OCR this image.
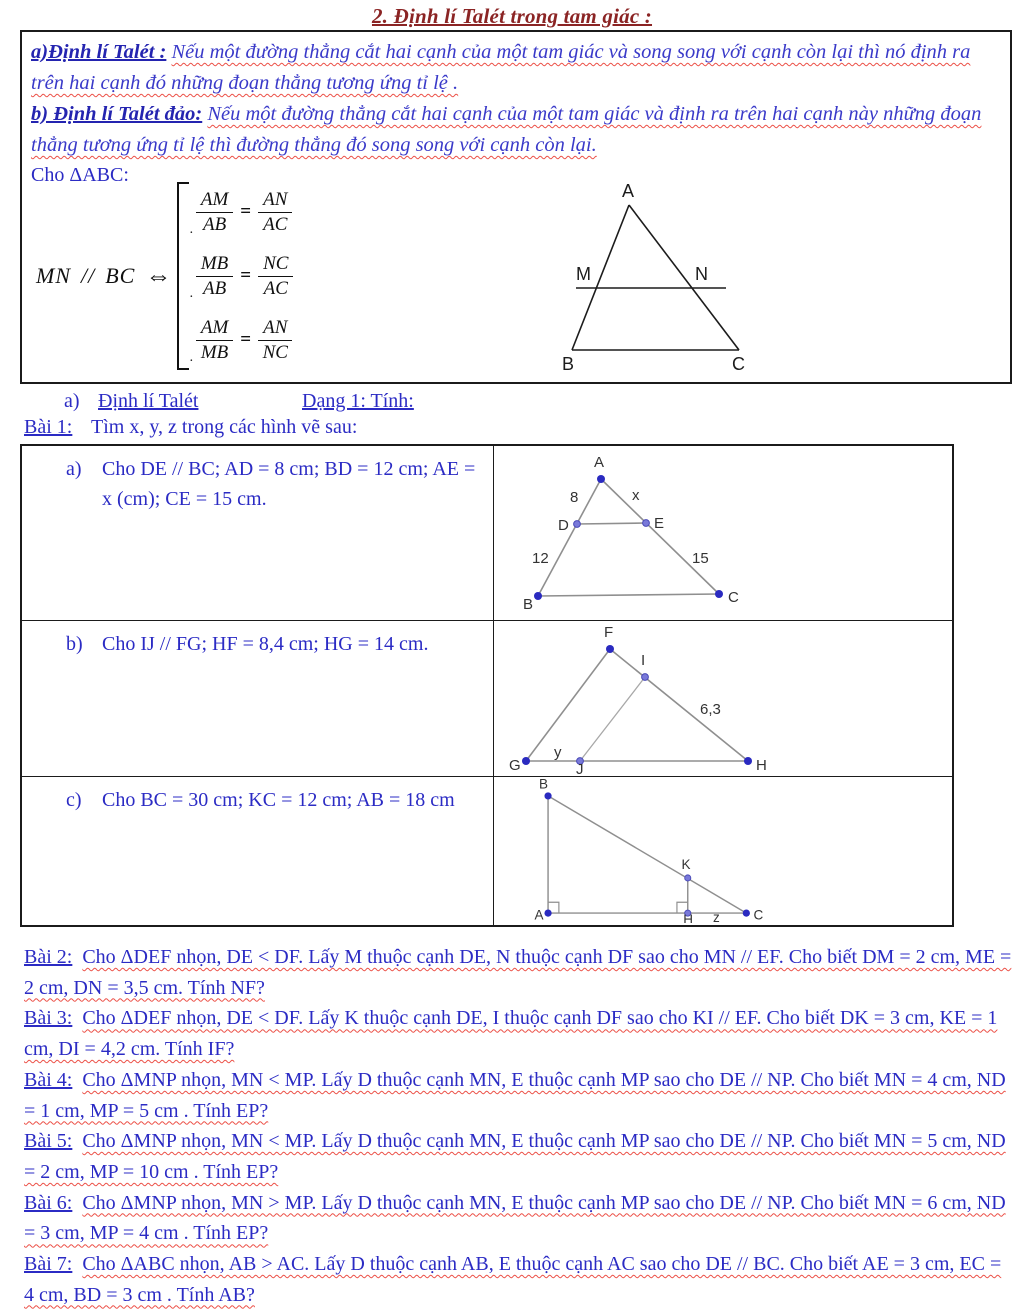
2. Định lí Talét trong tam giác :

a)Định lí Talét : Nếu một đường thẳng cắt hai cạnh của một tam giác và song song với cạnh còn lại thì nó định ra trên hai cạnh đó những đoạn thẳng tương ứng tỉ lệ .

b) Định lí Talét đảo: Nếu một đường thẳng cắt hai cạnh của một tam giác và định ra trên hai cạnh này những đoạn thẳng tương ứng tỉ lệ thì đường thẳng đó song song với cạnh còn lại.

Cho ΔABC:
MN // BC ⇔
· $\frac{AM}{AB} = \frac{AN}{AC}$
· $\frac{MB}{AB} = \frac{NC}{AC}$
· $\frac{AM}{MB} = \frac{AN}{NC}$
A
M	N
B	C
a) Định lí Talét	Dạng 1: Tính:
Bài 1: Tìm x, y, z trong các hình vẽ sau:
a)	Cho DE // BC; AD = 8 cm; BD = 12 cm; AE = x (cm); CE = 15 cm.
A
8	x
D	E
12	15
B	C
b) Cho IJ // FG; HF = 8,4 cm; HG = 14 cm.
F
I
6,3
G
y
J	H
c)	Cho BC = 30 cm; KC = 12 cm; AB = 18 cm
B
A
K
H z C

Bài 2: Cho ΔDEF nhọn, DE < DF. Lấy M thuộc cạnh DE, N thuộc cạnh DF sao cho MN // EF. Cho biết DM = 2 cm, ME = 2 cm, DN = 3,5 cm. Tính NF?

Bài 3: Cho ΔDEF nhọn, DE < DF. Lấy K thuộc cạnh DE, I thuộc cạnh DF sao cho KI // EF. Cho biết DK = 3 cm, KE = 1 cm, DI = 4,2 cm. Tính IF?

Bài 4: Cho ΔMNP nhọn, MN < MP. Lấy D thuộc cạnh MN, E thuộc cạnh MP sao cho DE // NP. Cho biết MN = 4 cm, ND = 1 cm, MP = 5 cm . Tính EP?

Bài 5: Cho ΔMNP nhọn, MN < MP. Lấy D thuộc cạnh MN, E thuộc cạnh MP sao cho DE // NP. Cho biết MN = 5 cm, ND = 2 cm, MP = 10 cm . Tính EP?

Bài 6: Cho ΔMNP nhọn, MN > MP. Lấy D thuộc cạnh MN, E thuộc cạnh MP sao cho DE // NP. Cho biết MN = 6 cm, ND = 3 cm, MP = 4 cm . Tính EP?

Bài 7: Cho ΔABC nhọn, AB > AC. Lấy D thuộc cạnh AB, E thuộc cạnh AC sao cho DE // BC. Cho biết AE = 3 cm, EC = 4 cm, BD = 3 cm . Tính AB?
